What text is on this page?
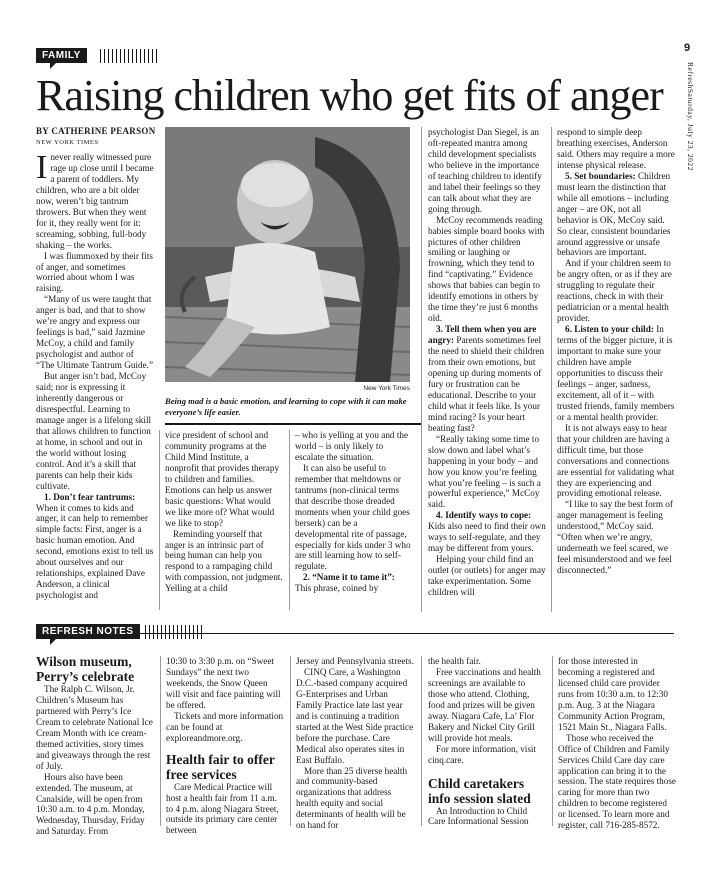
9
RefreshSaturday, July 23, 2022
FAMILY
Raising children who get fits of anger
BY CATHERINE PEARSON
NEW YORK TIMES

I never really witnessed pure rage up close until I became a parent of toddlers. My children, who are a bit older now, weren’t big tantrum throwers. But when they went for it, they really went for it: screaming, sobbing, full-body shaking – the works.

I was flummoxed by their fits of anger, and sometimes worried about whom I was raising.

“Many of us were taught that anger is bad, and that to show we’re angry and express our feelings is bad,” said Jazmine McCoy, a child and family psychologist and author of “The Ultimate Tantrum Guide.”

But anger isn’t bad, McCoy said; nor is expressing it inherently dangerous or disrespectful. Learning to manage anger is a lifelong skill that allows children to function at home, in school and out in the world without losing control. And it’s a skill that parents can help their kids cultivate.

1. Don’t fear tantrums: When it comes to kids and anger, it can help to remember simple facts: First, anger is a basic human emotion. And second, emotions exist to tell us about ourselves and our relationships, explained Dave Anderson, a clinical psychologist and

New York Times
Being mad is a basic emotion, and learning to cope with it can make everyone’s life easier.

vice president of school and community programs at the Child Mind Institute, a nonprofit that provides therapy to children and families. Emotions can help us answer basic questions: What would we like more of? What would we like to stop?

Reminding yourself that anger is an intrinsic part of being human can help you respond to a rampaging child with compassion, not judgment. Yelling at a child

– who is yelling at you and the world – is only likely to escalate the situation.

It can also be useful to remember that meltdowns or tantrums (non-clinical terms that describe those dreaded moments when your child goes berserk) can be a developmental rite of passage, especially for kids under 3 who are still learning how to self-regulate.

2. “Name it to tame it”: This phrase, coined by

psychologist Dan Siegel, is an oft-repeated mantra among child development specialists who believe in the importance of teaching children to identify and label their feelings so they can talk about what they are going through.

McCoy recommends reading babies simple board books with pictures of other children smiling or laughing or frowning, which they tend to find “captivating.” Evidence shows that babies can begin to identify emotions in others by the time they’re just 6 months old.

3. Tell them when you are angry: Parents sometimes feel the need to shield their children from their own emotions, but opening up during moments of fury or frustration can be educational. Describe to your child what it feels like. Is your mind racing? Is your heart beating fast?

“Really taking some time to slow down and label what’s happening in your body – and how you know you’re feeling what you’re feeling – is such a powerful experience,” McCoy said.

4. Identify ways to cope: Kids also need to find their own ways to self-regulate, and they may be different from yours.

Helping your child find an outlet (or outlets) for anger may take experimentation. Some children will

respond to simple deep breathing exercises, Anderson said. Others may require a more intense physical release.

5. Set boundaries: Children must learn the distinction that while all emotions – including anger – are OK, not all behavior is OK, McCoy said. So clear, consistent boundaries around aggressive or unsafe behaviors are important.

And if your children seem to be angry often, or as if they are struggling to regulate their reactions, check in with their pediatrician or a mental health provider.

6. Listen to your child: In terms of the bigger picture, it is important to make sure your children have ample opportunities to discuss their feelings – anger, sadness, excitement, all of it – with trusted friends, family members or a mental health provider.

It is not always easy to hear that your children are having a difficult time, but those conversations and connections are essential for validating what they are experiencing and providing emotional release.

“I like to say the best form of anger management is feeling understood,” McCoy said. “Often when we’re angry, underneath we feel scared, we feel misunderstood and we feel disconnected.”

REFRESH NOTES
Wilson museum, Perry’s celebrate

The Ralph C. Wilson, Jr. Children’s Museum has partnered with Perry’s Ice Cream to celebrate National Ice Cream Month with ice cream-themed activities, story times and giveaways through the rest of July.

Hours also have been extended. The museum, at Canalside, will be open from 10:30 a.m. to 4 p.m. Monday, Wednesday, Thursday, Friday and Saturday. From

10:30 to 3:30 p.m. on “Sweet Sundays” the next two weekends, the Snow Queen will visit and face painting will be offered.

Tickets and more information can be found at exploreandmore.org.

Health fair to offer free services

Care Medical Practice will host a health fair from 11 a.m. to 4 p.m. along Niagara Street, outside its primary care center between

Jersey and Pennsylvania streets.

CINQ Care, a Washington D.C.-based company acquired G-Enterprises and Urban Family Practice late last year and is continuing a tradition started at the West Side practice before the purchase. Care Medical also operates sites in East Buffalo.

More than 25 diverse health and community-based organizations that address health equity and social determinants of health will be on hand for

the health fair.

Free vaccinations and health screenings are available to those who attend. Clothing, food and prizes will be given away. Niagara Cafe, La’ Flor Bakery and Nickel City Grill will provide hot meals.

For more information, visit cinq.care.

Child caretakers info session slated

An Introduction to Child Care Informational Session

for those interested in becoming a registered and licensed child care provider runs from 10:30 a.m. to 12:30 p.m. Aug. 3 at the Niagara Community Action Program, 1521 Main St., Niagara Falls.

Those who received the Office of Children and Family Services Child Care day care application can bring it to the session. The state requires those caring for more than two children to become registered or licensed. To learn more and register, call 716-285-8572.
